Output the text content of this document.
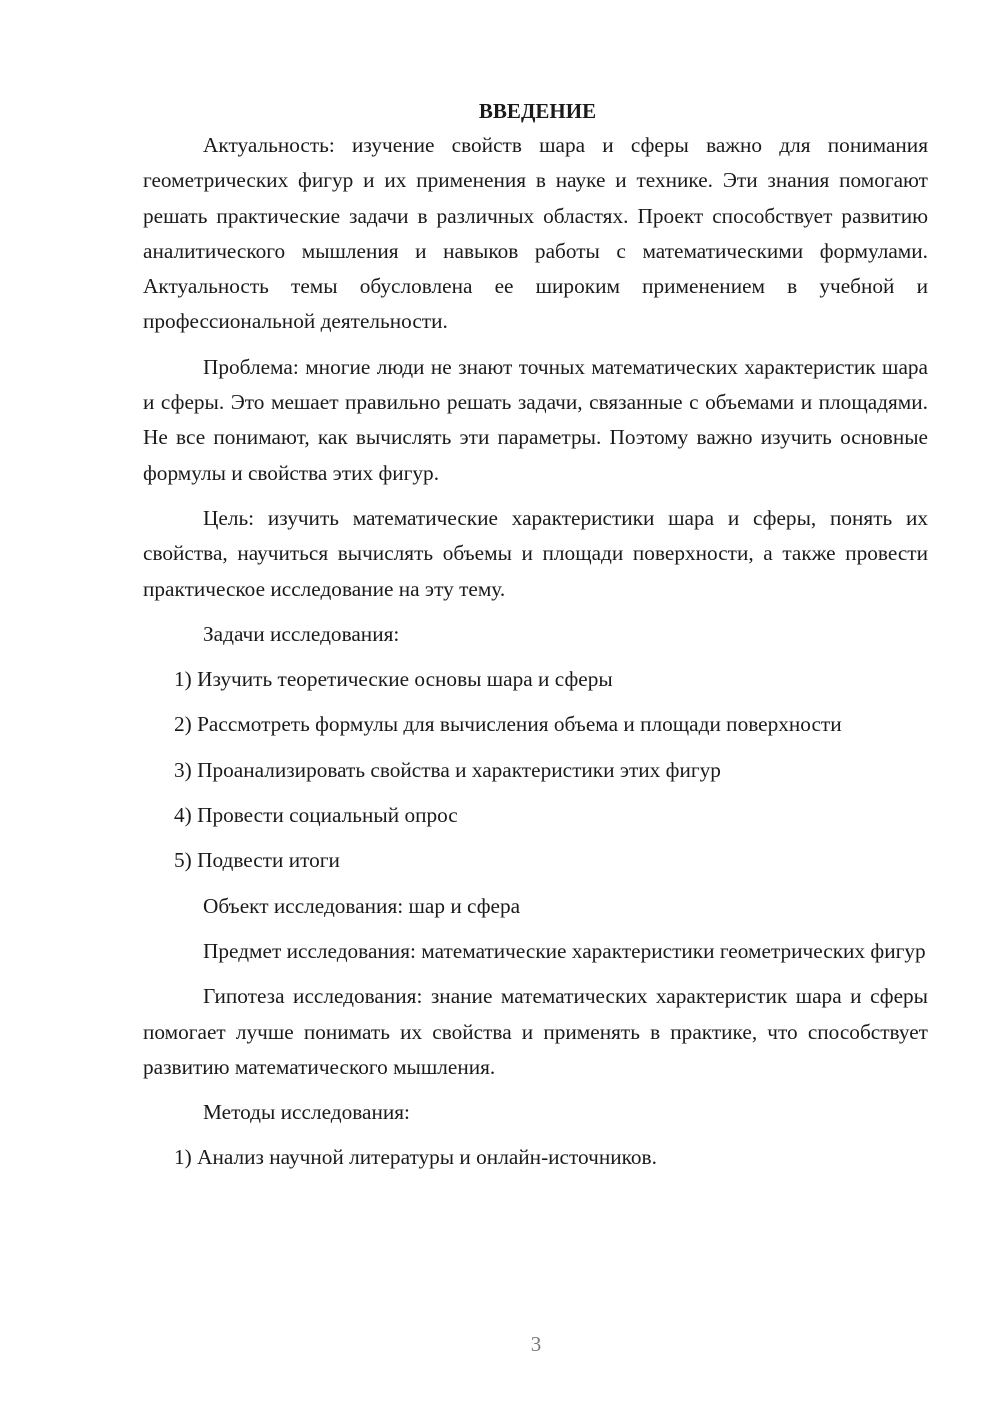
ВВЕДЕНИЕ

Актуальность: изучение свойств шара и сферы важно для понимания геометрических фигур и их применения в науке и технике. Эти знания помогают решать практические задачи в различных областях. Проект способствует развитию аналитического мышления и навыков работы с математическими формулами. Актуальность темы обусловлена ее широким применением в учебной и профессиональной деятельности.

Проблема: многие люди не знают точных математических характеристик шара и сферы. Это мешает правильно решать задачи, связанные с объемами и площадями. Не все понимают, как вычислять эти параметры. Поэтому важно изучить основные формулы и свойства этих фигур.

Цель: изучить математические характеристики шара и сферы, понять их свойства, научиться вычислять объемы и площади поверхности, а также провести практическое исследование на эту тему.

Задачи исследования:

1) Изучить теоретические основы шара и сферы

2) Рассмотреть формулы для вычисления объема и площади поверхности

3) Проанализировать свойства и характеристики этих фигур

4) Провести социальный опрос

5) Подвести итоги

Объект исследования: шар и сфера

Предмет исследования: математические характеристики геометрических фигур

Гипотеза исследования: знание математических характеристик шара и сферы помогает лучше понимать их свойства и применять в практике, что способствует развитию математического мышления.

Методы исследования:

1) Анализ научной литературы и онлайн-источников.

3
